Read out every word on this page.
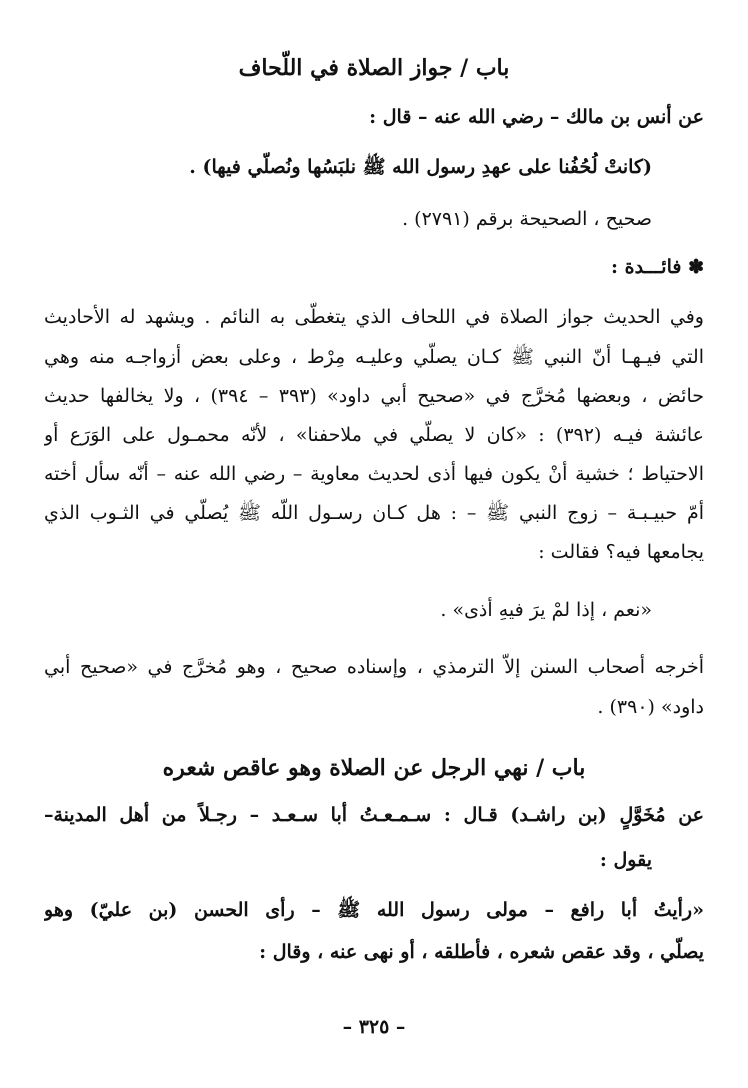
باب / جواز الصلاة في اللّحاف
عن أنس بن مالك – رضي الله عنه – قال :
(كانتْ لُحُفُنا على عهدِ رسول الله ﷺ نلبَسُها ونُصلّي فيها) .
صحيح ، الصحيحة برقم (٢٧٩١) .
✽ فائـــدة :
وفي الحديث جواز الصلاة في اللحاف الذي يتغطّى به النائم . ويشهد له الأحاديث
التي فيـهـا أنّ النبي ﷺ كـان يصلّي وعليـه مِرْط ، وعلى بعض أزواجـه منه وهي
حائض ، وبعضها مُخرَّج في «صحيح أبي داود» (٣٩٣ – ٣٩٤) ، ولا يخالفها حديث
عائشة فيـه (٣٩٢) : «كان لا يصلّي في ملاحفنا» ، لأنّه محمـول على الوَرَع أو
الاحتياط ؛ خشية أنْ يكون فيها أذى لحديث معاوية – رضي الله عنه – أنّه سأل أخته
أمّ حبيـبـة – زوج النبي ﷺ – : هل كـان رسـول اللّه ﷺ يُصلّي في الثـوب الذي
يجامعها فيه؟ فقالت :
«نعم ، إذا لمْ يرَ فيهِ أذى» .
أخرجه أصحاب السنن إلاّ الترمذي ، وإسناده صحيح ، وهو مُخرَّج في «صحيح أبي
داود» (٣٩٠) .
باب / نهي الرجل عن الصلاة وهو عاقص شعره
عن مُخَوَّلٍ (بن راشـد) قـال : سـمـعـتُ أبا سـعـد – رجـلاً من أهل المدينة–
يقول :
«رأيتُ أبا رافع – مولى رسول الله ﷺ – رأى الحسن (بن عليّ) وهو
يصلّي ، وقد عقص شعره ، فأطلقه ، أو نهى عنه ، وقال :
– ٣٢٥ –
